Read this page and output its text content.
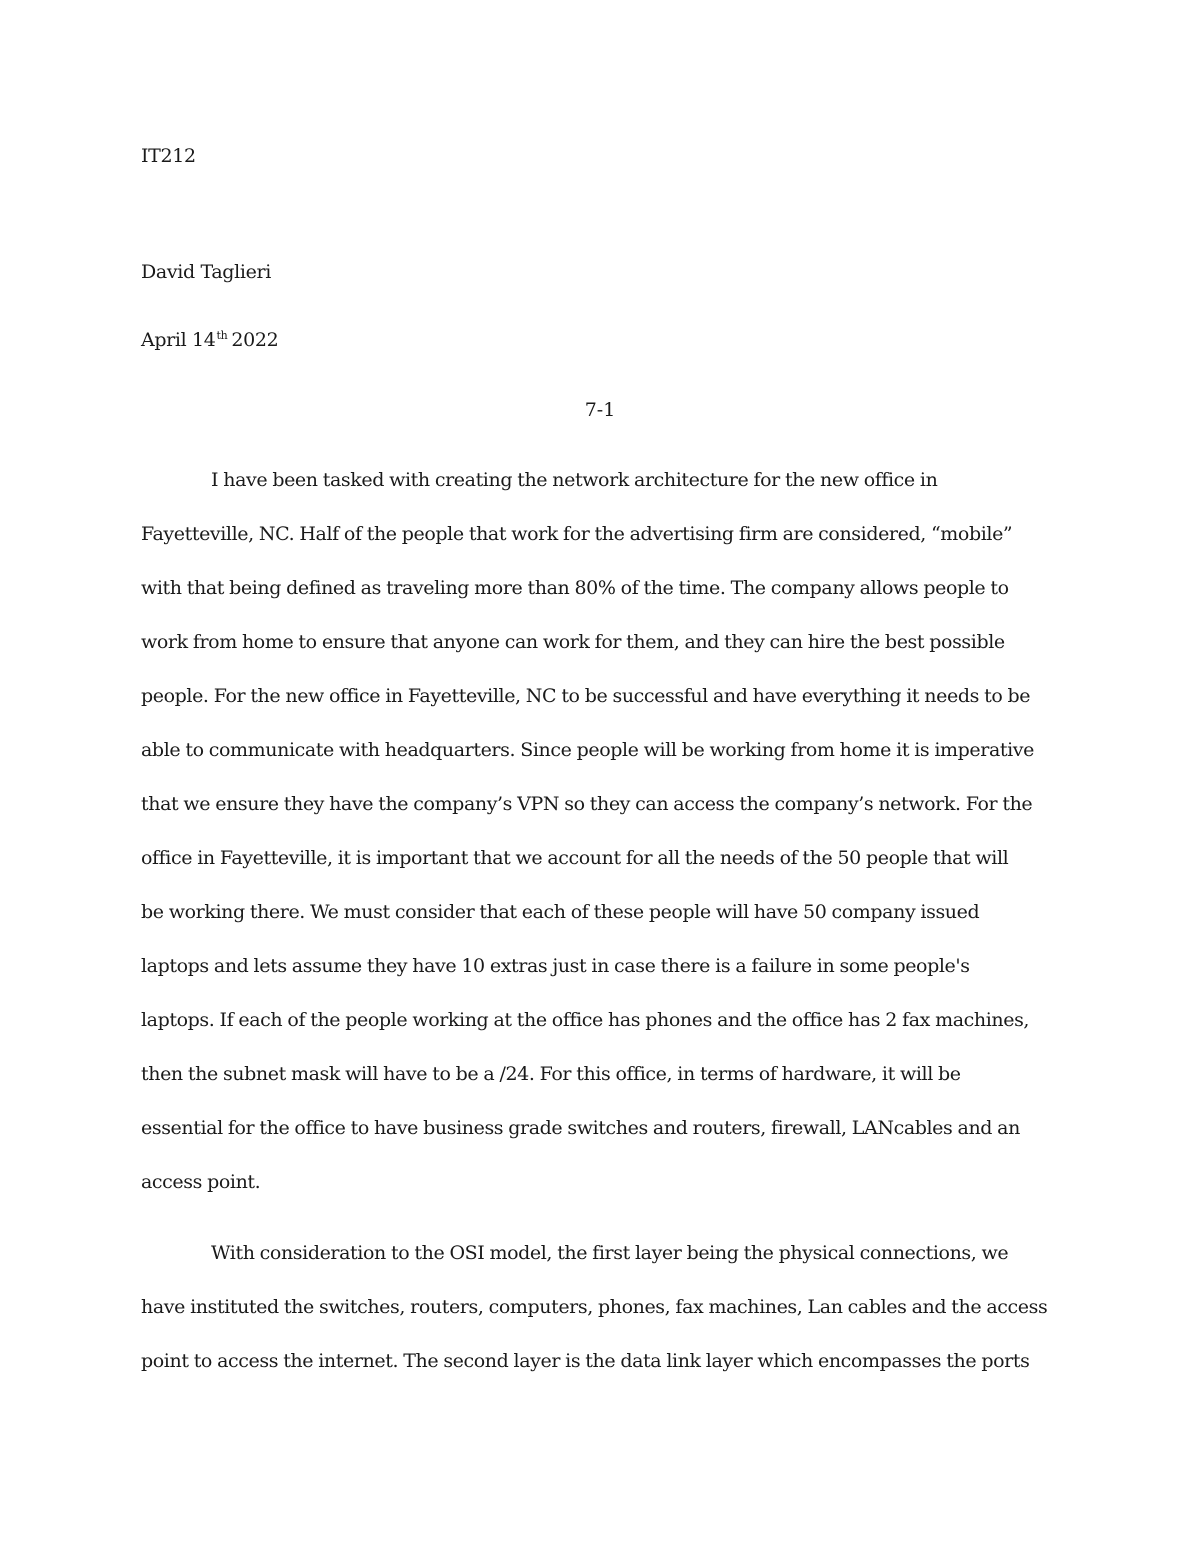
IT212

David Taglieri

April 14th 2022

7-1

I have been tasked with creating the network architecture for the new office in
Fayetteville, NC. Half of the people that work for the advertising firm are considered, “mobile”
with that being defined as traveling more than 80% of the time. The company allows people to
work from home to ensure that anyone can work for them, and they can hire the best possible
people. For the new office in Fayetteville, NC to be successful and have everything it needs to be
able to communicate with headquarters. Since people will be working from home it is imperative
that we ensure they have the company’s VPN so they can access the company’s network. For the
office in Fayetteville, it is important that we account for all the needs of the 50 people that will
be working there. We must consider that each of these people will have 50 company issued
laptops and lets assume they have 10 extras just in case there is a failure in some people's
laptops. If each of the people working at the office has phones and the office has 2 fax machines,
then the subnet mask will have to be a /24. For this office, in terms of hardware, it will be
essential for the office to have business grade switches and routers, firewall, LANcables and an
access point.
With consideration to the OSI model, the first layer being the physical connections, we
have instituted the switches, routers, computers, phones, fax machines, Lan cables and the access
point to access the internet. The second layer is the data link layer which encompasses the ports
